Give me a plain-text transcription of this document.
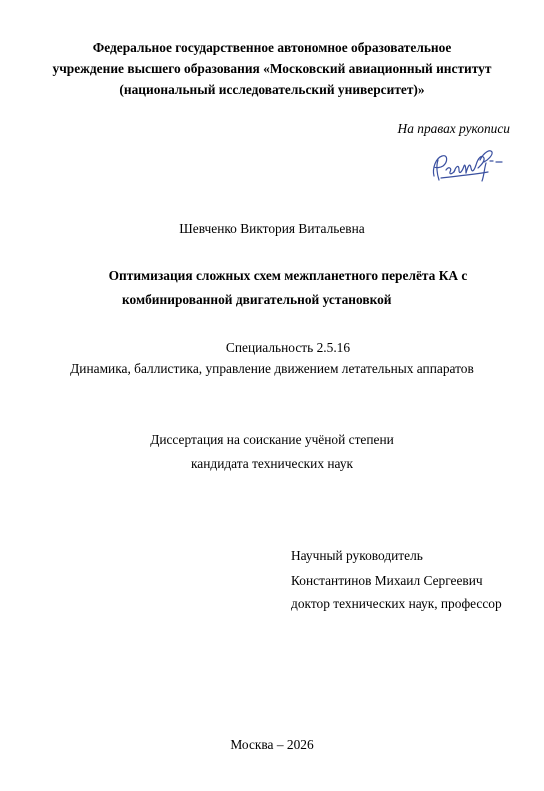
Федеральное государственное автономное образовательное
учреждение высшего образования «Московский авиационный институт
(национальный исследовательский университет)»
На правах рукописи
Шевченко Виктория Витальевна
Оптимизация сложных схем межпланетного перелёта КА с
комбинированной двигательной установкой
Специальность 2.5.16
Динамика, баллистика, управление движением летательных аппаратов
Диссертация на соискание учёной степени
кандидата технических наук
Научный руководитель
Константинов Михаил Сергеевич
доктор технических наук, профессор
Москва – 2026
